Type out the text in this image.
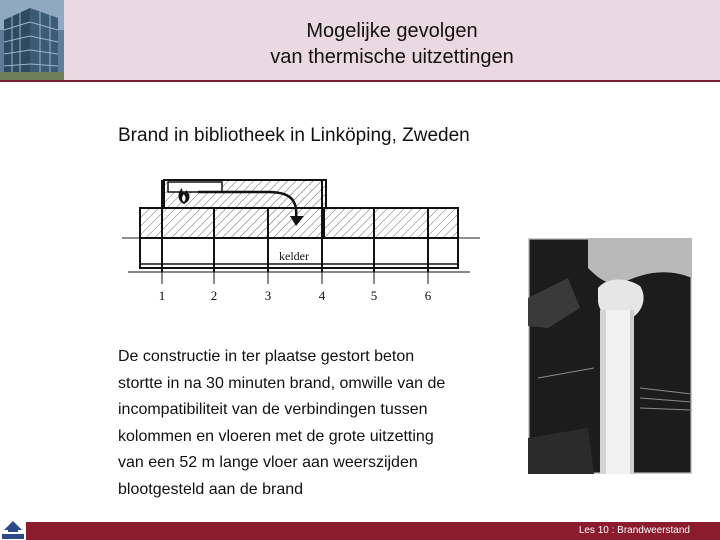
Mogelijke gevolgen
van thermische uitzettingen
Brand in bibliotheek in Linköping, Zweden
kelder
1	2	3	4	5	6
De constructie in ter plaatse gestort beton
stortte in na 30 minuten brand, omwille van de
incompatibiliteit van de verbindingen tussen
kolommen en vloeren met de grote uitzetting
van een 52 m lange vloer aan weerszijden
blootgesteld aan de brand
Les 10 : Brandweerstand
